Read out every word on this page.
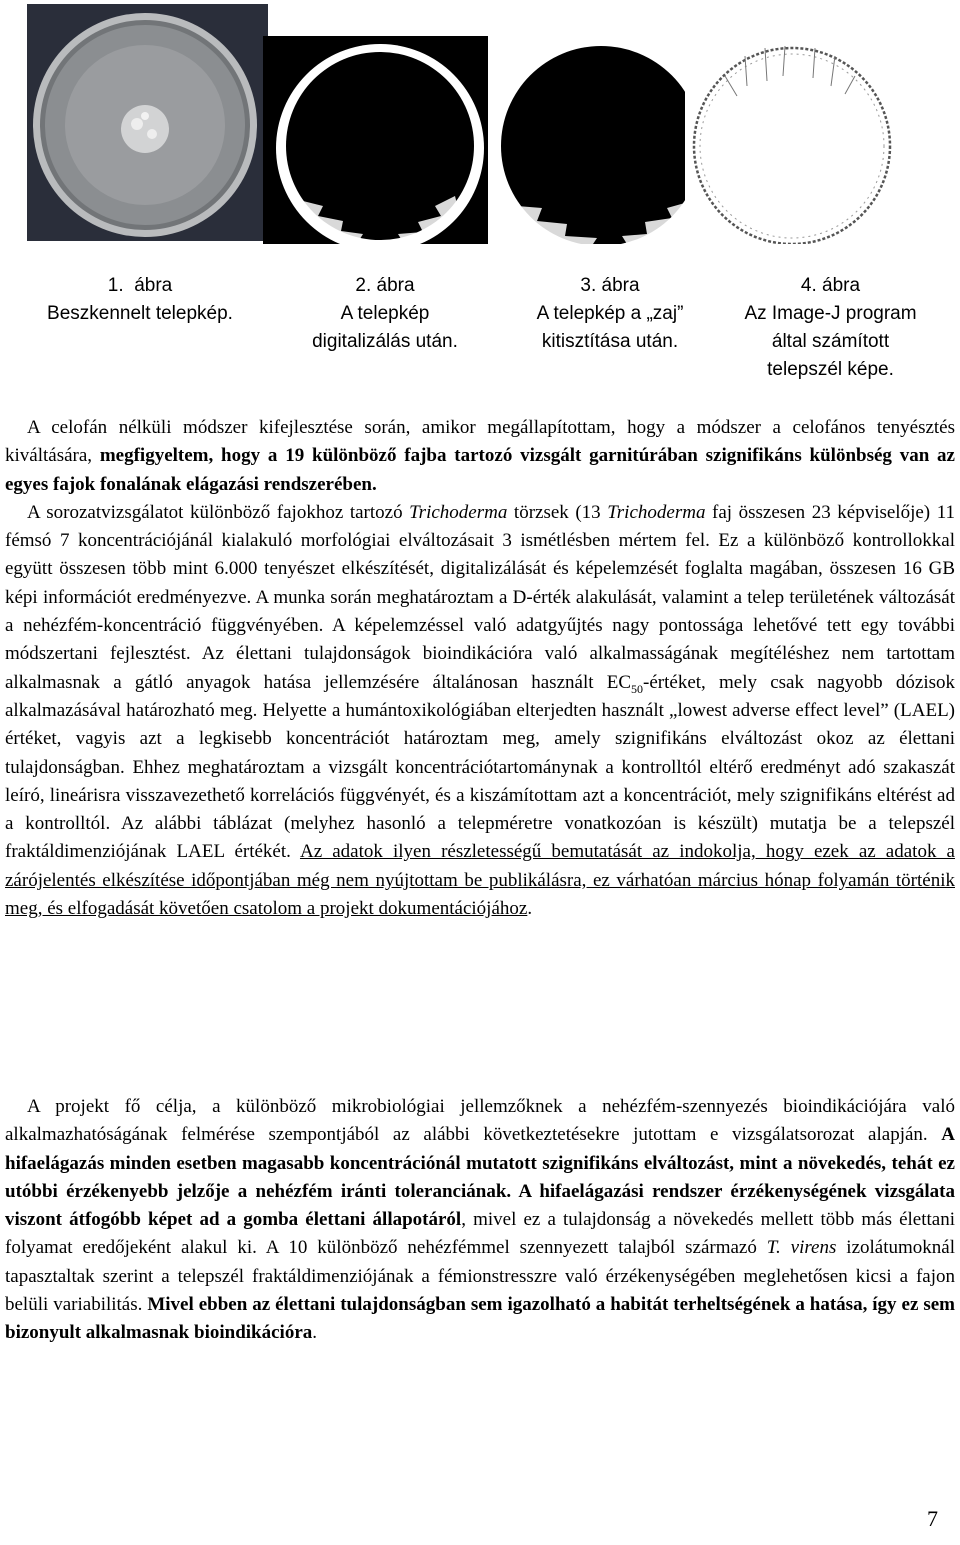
1. ábra
Beszkennelt telepkép.
2. ábra
A telepkép
digitalizálás után.
3. ábra
A telepkép a „zaj”
kitisztítása után.
4. ábra
Az Image-J program
által számított
telepszél képe.
A celofán nélküli módszer kifejlesztése során, amikor megállapítottam, hogy a módszer a celofános tenyésztés kiváltására, megfigyeltem, hogy a 19 különböző fajba tartozó vizsgált garnitúrában szignifikáns különbség van az egyes fajok fonalának elágazási rendszerében.
A sorozatvizsgálatot különböző fajokhoz tartozó Trichoderma törzsek (13 Trichoderma faj összesen 23 képviselője) 11 fémsó 7 koncentrációjánál kialakuló morfológiai elváltozásait 3 ismétlésben mértem fel. Ez a különböző kontrollokkal együtt összesen több mint 6.000 tenyészet elkészítését, digitalizálását és képelemzését foglalta magában, összesen 16 GB képi információt eredményezve. A munka során meghatároztam a D-érték alakulását, valamint a telep területének változását a nehézfém-koncentráció függvényében. A képelemzéssel való adatgyűjtés nagy pontossága lehetővé tett egy további módszertani fejlesztést. Az élettani tulajdonságok bioindikációra való alkalmasságának megítéléshez nem tartottam alkalmasnak a gátló anyagok hatása jellemzésére általánosan használt $EC_{50}$-értéket, mely csak nagyobb dózisok alkalmazásával határozható meg. Helyette a humántoxikológiában elterjedten használt „lowest adverse effect level” (LAEL) értéket, vagyis azt a legkisebb koncentrációt határoztam meg, amely szignifikáns elváltozást okoz az élettani tulajdonságban. Ehhez meghatároztam a vizsgált koncentrációtartománynak a kontrolltól eltérő eredményt adó szakaszát leíró, lineárisra visszavezethető korrelációs függvényét, és a kiszámítottam azt a koncentrációt, mely szignifikáns eltérést ad a kontrolltól. Az alábbi táblázat (melyhez hasonló a telepméretre vonatkozóan is készült) mutatja be a telepszél fraktáldimenziójának LAEL értékét. Az adatok ilyen részletességű bemutatását az indokolja, hogy ezek az adatok a zárójelentés elkészítése időpontjában még nem nyújtottam be publikálásra, ez várhatóan március hónap folyamán történik meg, és elfogadását követően csatolom a projekt dokumentációjához.
A projekt fő célja, a különböző mikrobiológiai jellemzőknek a nehézfém-szennyezés bioindikációjára való alkalmazhatóságának felmérése szempontjából az alábbi következtetésekre jutottam e vizsgálatsorozat alapján. A hifaelágazás minden esetben magasabb koncentrációnál mutatott szignifikáns elváltozást, mint a növekedés, tehát ez utóbbi érzékenyebb jelzője a nehézfém iránti toleranciának. A hifaelágazási rendszer érzékenységének vizsgálata viszont átfogóbb képet ad a gomba élettani állapotáról, mivel ez a tulajdonság a növekedés mellett több más élettani folyamat eredőjeként alakul ki. A 10 különböző nehézfémmel szennyezett talajból származó T. virens izolátumoknál tapasztaltak szerint a telepszél fraktáldimenziójának a fémionstresszre való érzékenységében meglehetősen kicsi a fajon belüli variabilitás. Mivel ebben az élettani tulajdonságban sem igazolható a habitát terheltségének a hatása, így ez sem bizonyult alkalmasnak bioindikációra.
7
